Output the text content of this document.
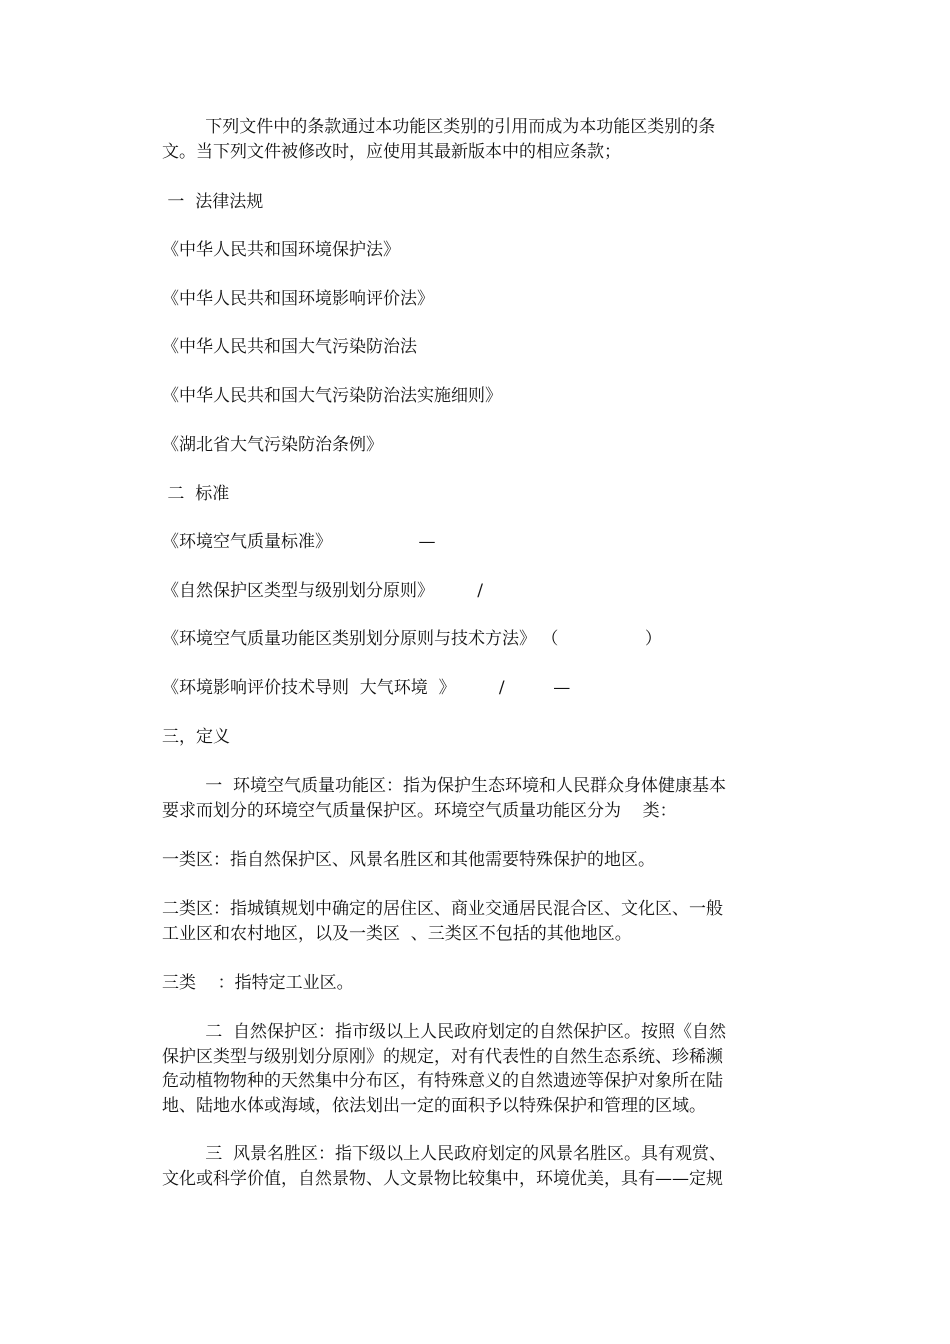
下列文件中的条款通过本功能区类别的引用而成为本功能区类别的条
文。当下列文件被修改时，应使用其最新版本中的相应条款；
一  法律法规
《中华人民共和国环境保护法》
《中华人民共和国环境影响评价法》
《中华人民共和国大气污染防治法
《中华人民共和国大气污染防治法实施细则》
《湖北省大气污染防治条例》
二  标准
《环境空气质量标准》                —
《自然保护区类型与级别划分原则》        /
《环境空气质量功能区类别划分原则与技术方法》 （                ）
《环境影响评价技术导则  大气环境  》        /         —
三，定义
一  环境空气质量功能区：指为保护生态环境和人民群众身体健康基本
要求而划分的环境空气质量保护区。环境空气质量功能区分为    类：
一类区：指自然保护区、风景名胜区和其他需要特殊保护的地区。
二类区：指城镇规划中确定的居住区、商业交通居民混合区、文化区、一般
工业区和农村地区，以及一类区  、三类区不包括的其他地区。
三类    ：指特定工业区。
二  自然保护区：指市级以上人民政府划定的自然保护区。按照《自然
保护区类型与级别划分原刚》的规定，对有代表性的自然生态系统、珍稀濒
危动植物物种的天然集中分布区，有特殊意义的自然遗迹等保护对象所在陆
地、陆地水体或海域，依法划出一定的面积予以特殊保护和管理的区域。
三  风景名胜区：指下级以上人民政府划定的风景名胜区。具有观赏、
文化或科学价值，自然景物、人文景物比较集中，环境优美，具有——定规
